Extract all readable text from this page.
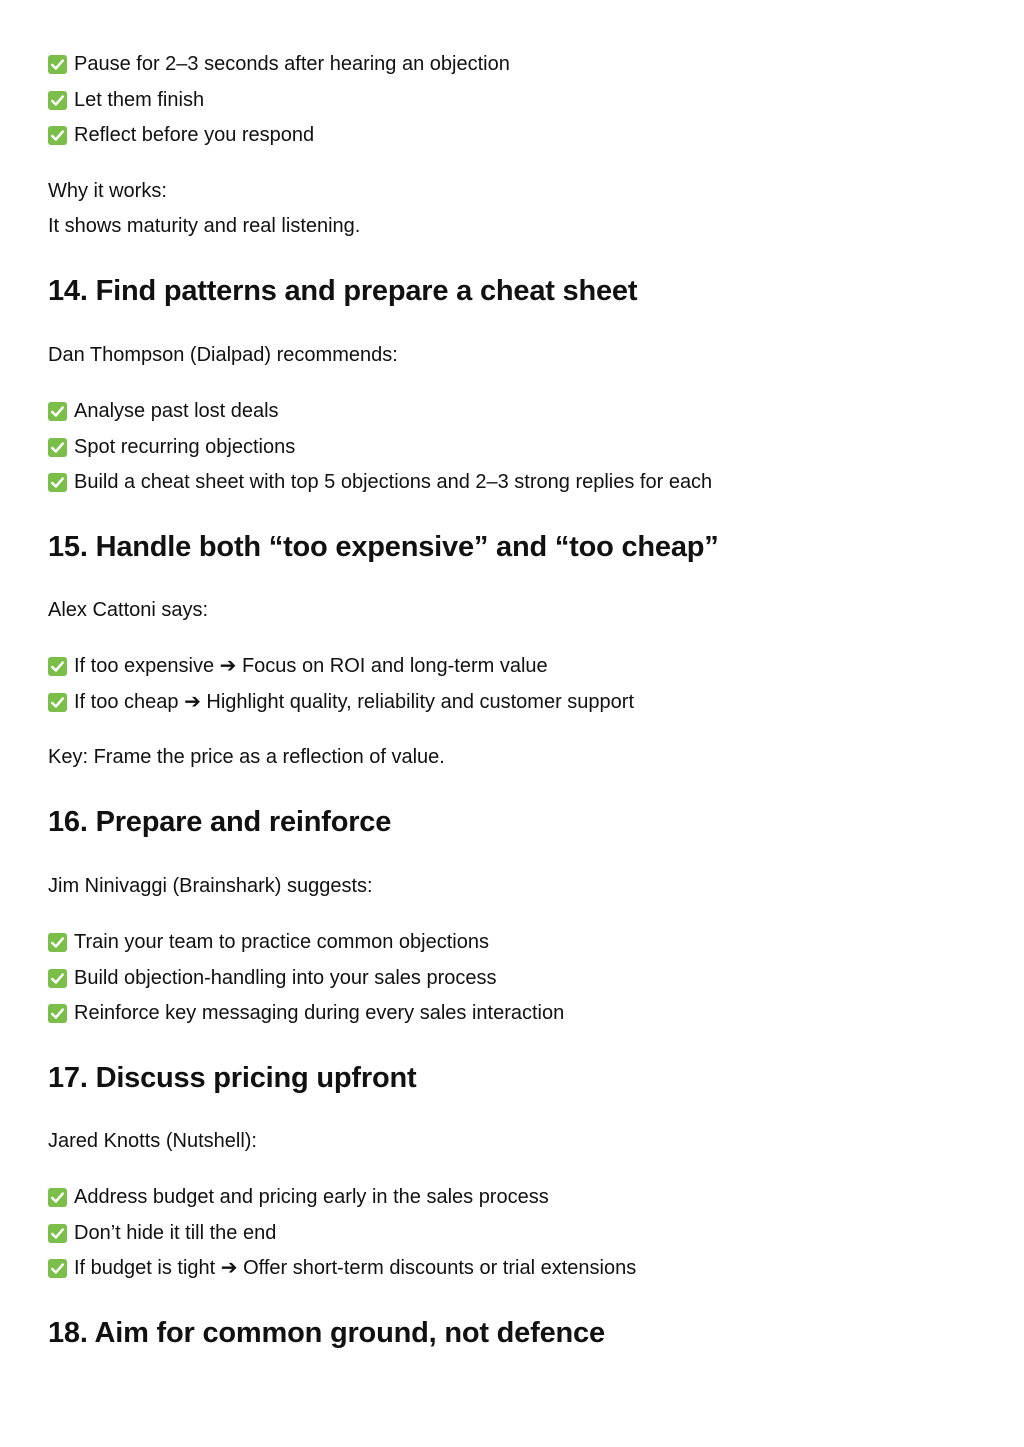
Pause for 2–3 seconds after hearing an objection
Let them finish
Reflect before you respond
Why it works:
It shows maturity and real listening.
14. Find patterns and prepare a cheat sheet
Dan Thompson (Dialpad) recommends:
Analyse past lost deals
Spot recurring objections
Build a cheat sheet with top 5 objections and 2–3 strong replies for each
15. Handle both “too expensive” and “too cheap”
Alex Cattoni says:
If too expensive ➔ Focus on ROI and long-term value
If too cheap ➔ Highlight quality, reliability and customer support
Key: Frame the price as a reflection of value.
16. Prepare and reinforce
Jim Ninivaggi (Brainshark) suggests:
Train your team to practice common objections
Build objection-handling into your sales process
Reinforce key messaging during every sales interaction
17. Discuss pricing upfront
Jared Knotts (Nutshell):
Address budget and pricing early in the sales process
Don’t hide it till the end
If budget is tight ➔ Offer short-term discounts or trial extensions
18. Aim for common ground, not defence
